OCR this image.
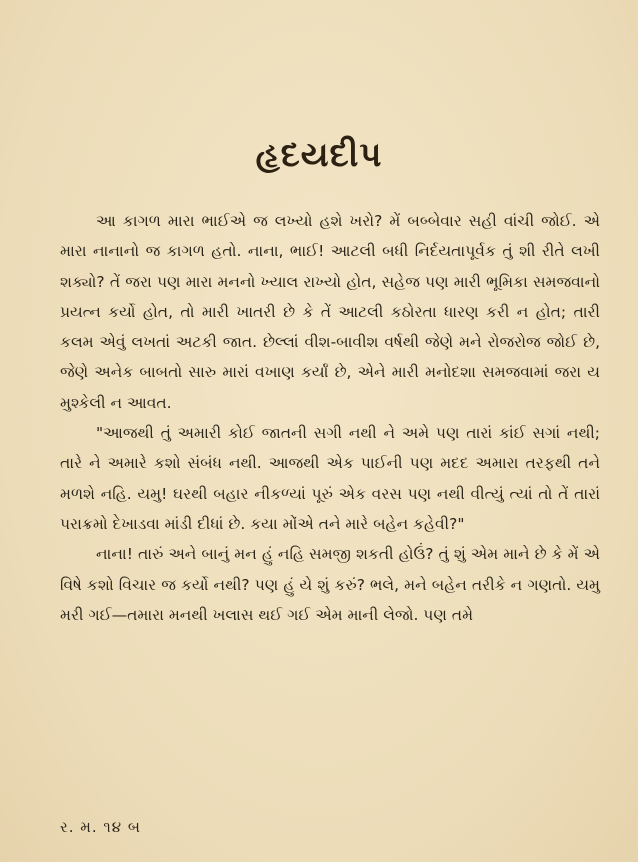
હૃદયદીપ

આ કાગળ મારા ભાઈએ જ લખ્યો હશે ખરો? મેં બબ્બેવાર સહી વાંચી જોઈ. એ મારા નાનાનો જ કાગળ હતો. નાના, ભાઈ! આટલી બધી નિર્દયતાપૂર્વક તું શી રીતે લખી શક્યો? તેં જરા પણ મારા મનનો ખ્યાલ રાખ્યો હોત, સહેજ પણ મારી ભૂમિકા સમજવાનો પ્રયત્ન કર્યો હોત, તો મારી ખાતરી છે કે તેં આટલી કઠોરતા ધારણ કરી ન હોત; તારી કલમ એવું લખતાં અટકી જાત. છેલ્લાં વીશ-બાવીશ વર્ષથી જેણે મને રોજરોજ જોઈ છે, જેણે અનેક બાબતો સારુ મારાં વખાણ કર્યાં છે, એને મારી મનોદશા સમજવામાં જરા ય મુશ્કેલી ન આવત.

"આજથી તું અમારી કોઈ જાતની સગી નથી ને અમે પણ તારાં કાંઈ સગાં નથી; તારે ને અમારે કશો સંબંધ નથી. આજથી એક પાઈની પણ મદદ અમારા તરફથી તને મળશે નહિ. યમુ! ઘરથી બહાર નીકળ્યાં પૂરું એક વરસ પણ નથી વીત્યું ત્યાં તો તેં તારાં પરાક્રમો દેખાડવા માંડી દીધાં છે. કયા મોંએ તને મારે બહેન કહેવી?"

નાના! તારું અને બાનું મન હું નહિ સમજી શકતી હોઉં? તું શું એમ માને છે કે મેં એ વિષે કશો વિચાર જ કર્યો નથી? પણ હું યે શું કરું? ભલે, મને બહેન તરીકે ન ગણતો. યમુ મરી ગઈ—તમારા મનથી ખલાસ થઈ ગઈ એમ માની લેજો. પણ તમે

ર. મ. ૧૪ બ
